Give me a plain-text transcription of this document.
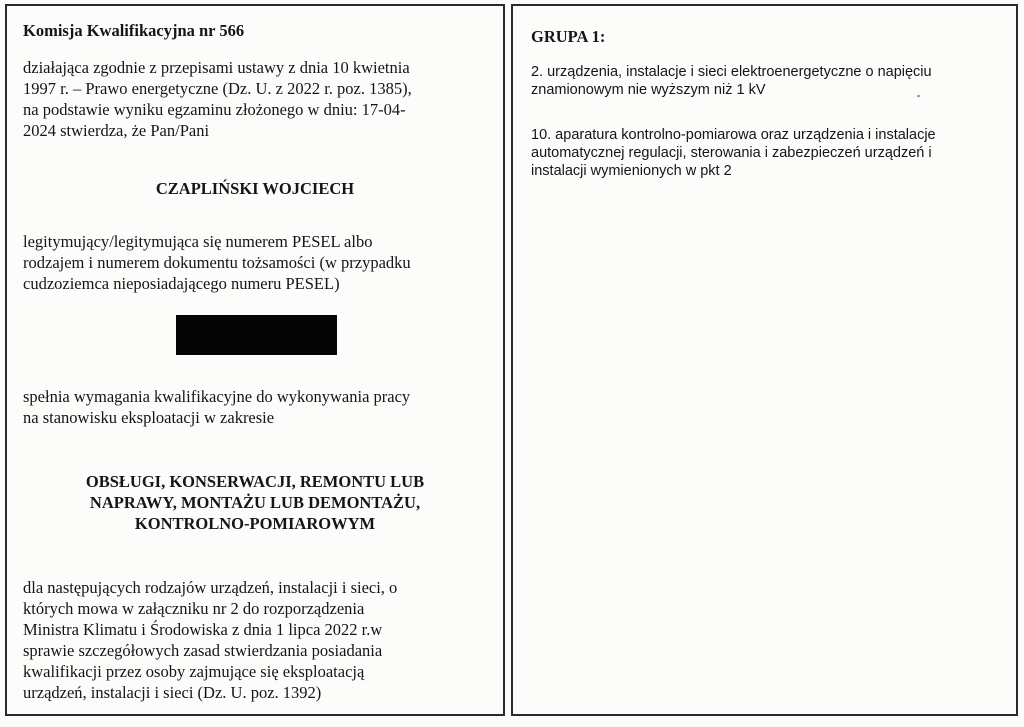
Komisja Kwalifikacyjna nr 566

działająca zgodnie z przepisami ustawy z dnia 10 kwietnia
1997 r. – Prawo energetyczne (Dz. U. z 2022 r. poz. 1385),
na podstawie wyniku egzaminu złożonego w dniu: 17-04-
2024 stwierdza, że Pan/Pani

CZAPLIŃSKI WOJCIECH

legitymujący/legitymująca się numerem PESEL albo
rodzajem i numerem dokumentu tożsamości (w przypadku
cudzoziemca nieposiadającego numeru PESEL)
spełnia wymagania kwalifikacyjne do wykonywania pracy
na stanowisku eksploatacji w zakresie
OBSŁUGI, KONSERWACJI, REMONTU LUB
NAPRAWY, MONTAŻU LUB DEMONTAŻU,
KONTROLNO-POMIAROWYM
dla następujących rodzajów urządzeń, instalacji i sieci, o
których mowa w załączniku nr 2 do rozporządzenia
Ministra Klimatu i Środowiska z dnia 1 lipca 2022 r.w
sprawie szczegółowych zasad stwierdzania posiadania
kwalifikacji przez osoby zajmujące się eksploatacją
urządzeń, instalacji i sieci (Dz. U. poz. 1392)

GRUPA 1:

2. urządzenia, instalacje i sieci elektroenergetyczne o napięciu
znamionowym nie wyższym niż 1 kV
10. aparatura kontrolno-pomiarowa oraz urządzenia i instalacje
automatycznej regulacji, sterowania i zabezpieczeń urządzeń i
instalacji wymienionych w pkt 2
